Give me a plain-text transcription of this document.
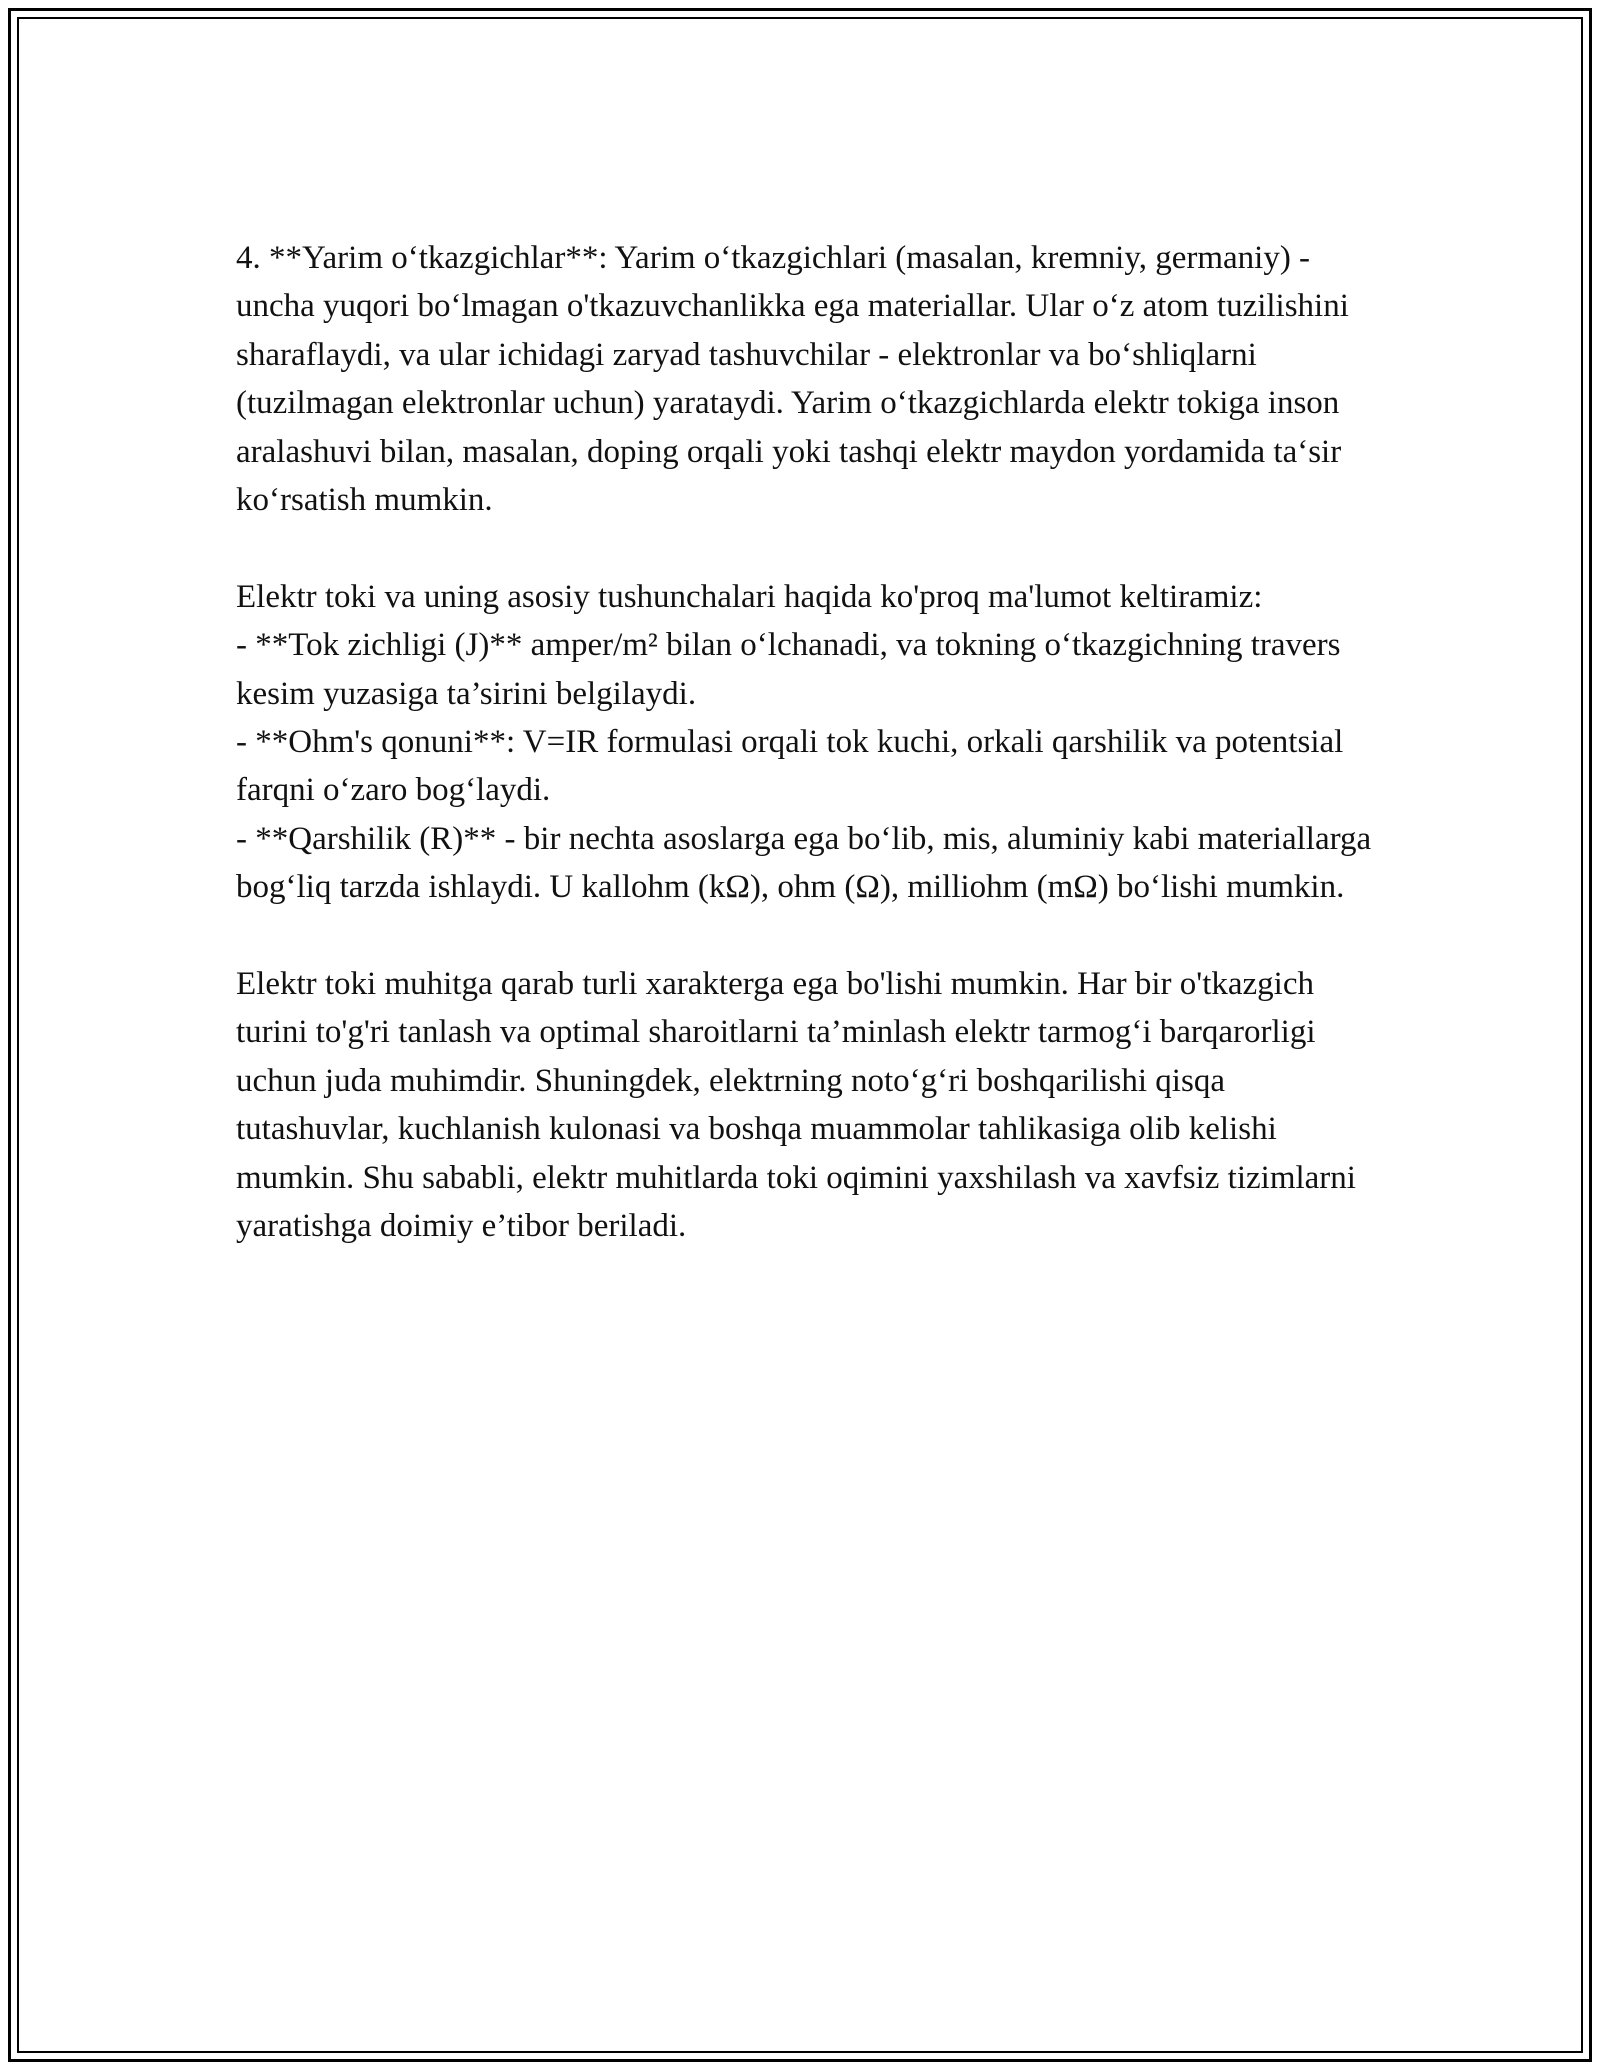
4. **Yarim o‘tkazgichlar**: Yarim o‘tkazgichlari (masalan, kremniy, germaniy) - uncha yuqori bo‘lmagan o'tkazuvchanlikka ega materiallar. Ular o‘z atom tuzilishini sharaflaydi, va ular ichidagi zaryad tashuvchilar - elektronlar va bo‘shliqlarni (tuzilmagan elektronlar uchun) yarataydi. Yarim o‘tkazgichlarda elektr tokiga inson aralashuvi bilan, masalan, doping orqali yoki tashqi elektr maydon yordamida ta‘sir ko‘rsatish mumkin.

Elektr toki va uning asosiy tushunchalari haqida ko'proq ma'lumot keltiramiz:
- **Tok zichligi (J)** amper/m² bilan o‘lchanadi, va tokning o‘tkazgichning travers kesim yuzasiga ta’sirini belgilaydi.
- **Ohm's qonuni**: V=IR formulasi orqali tok kuchi, orkali qarshilik va potentsial farqni o‘zaro bog‘laydi.
- **Qarshilik (R)** - bir nechta asoslarga ega bo‘lib, mis, aluminiy kabi materiallarga bog‘liq tarzda ishlaydi. U kallohm (kΩ), ohm (Ω), milliohm (mΩ) bo‘lishi mumkin.

Elektr toki muhitga qarab turli xarakterga ega bo'lishi mumkin. Har bir o'tkazgich turini to'g'ri tanlash va optimal sharoitlarni ta’minlash elektr tarmog‘i barqarorligi uchun juda muhimdir. Shuningdek, elektrning noto‘g‘ri boshqarilishi qisqa tutashuvlar, kuchlanish kulonasi va boshqa muammolar tahlikasiga olib kelishi mumkin. Shu sababli, elektr muhitlarda toki oqimini yaxshilash va xavfsiz tizimlarni yaratishga doimiy e’tibor beriladi.
